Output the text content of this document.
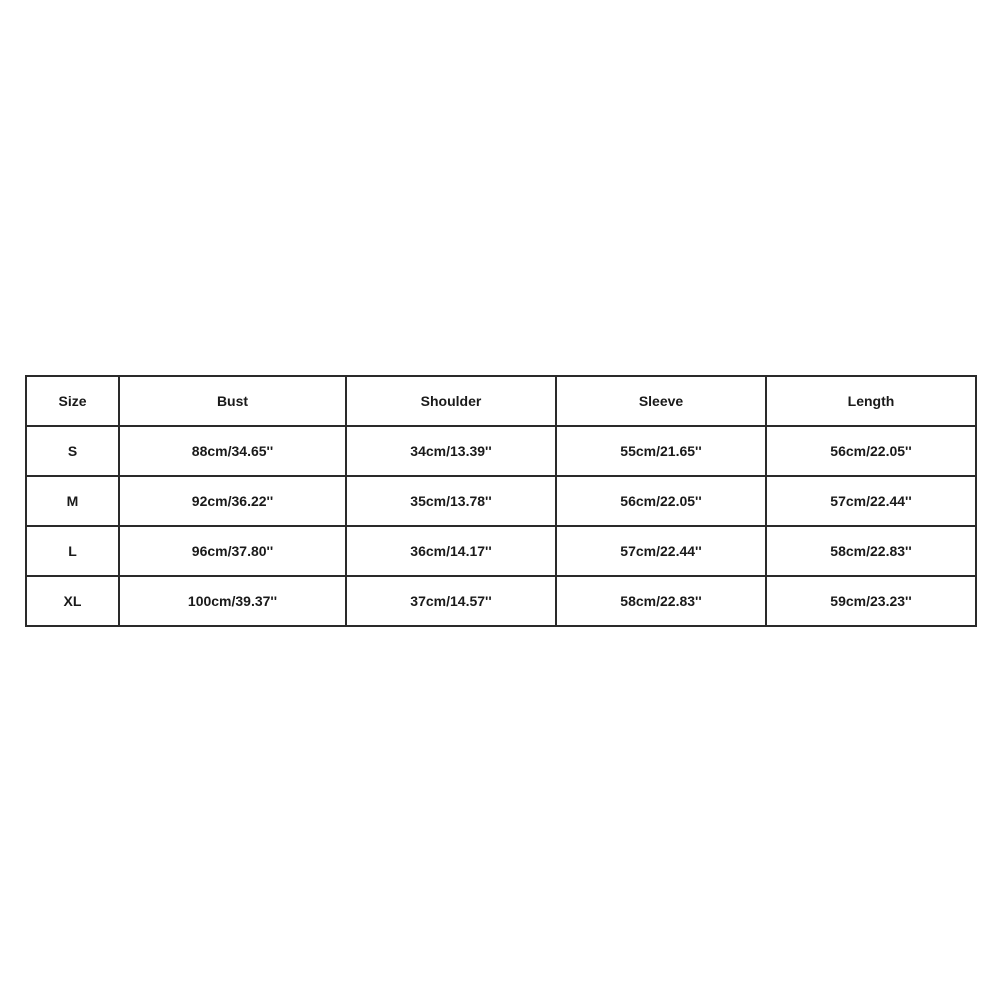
Size	Bust	Shoulder	Sleeve	Length
S	88cm/34.65''	34cm/13.39''	55cm/21.65''	56cm/22.05''
M	92cm/36.22''	35cm/13.78''	56cm/22.05''	57cm/22.44''
L	96cm/37.80''	36cm/14.17''	57cm/22.44''	58cm/22.83''
XL	100cm/39.37''	37cm/14.57''	58cm/22.83''	59cm/23.23''
